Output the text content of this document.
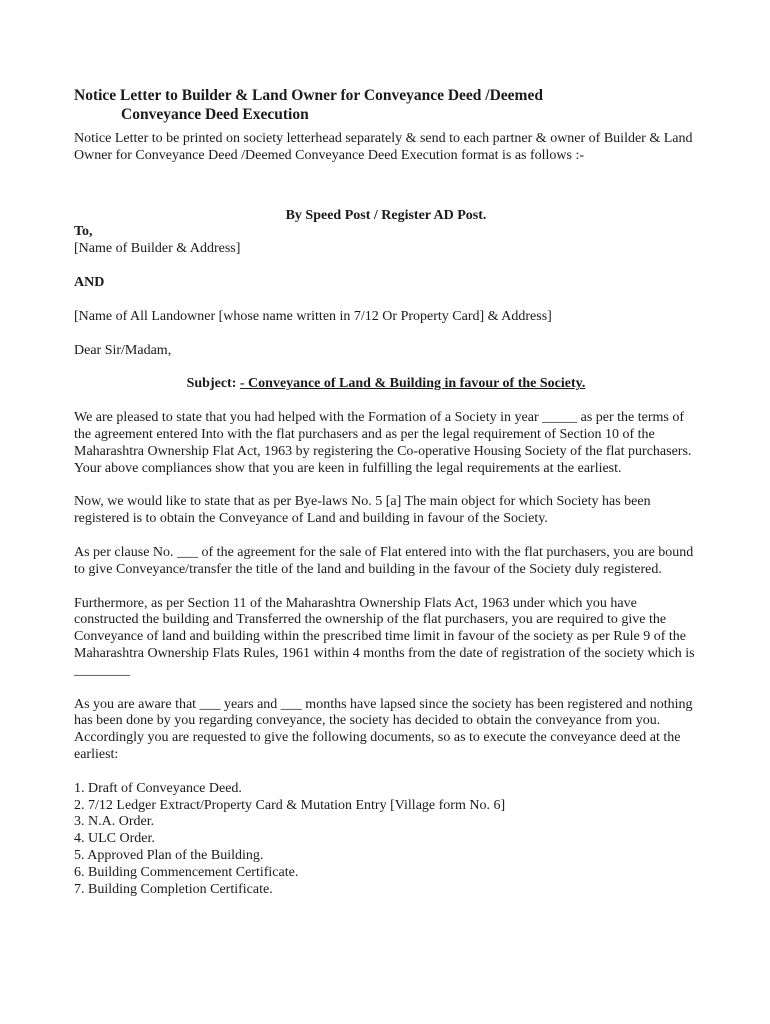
Notice Letter to Builder & Land Owner for Conveyance Deed /Deemed
Conveyance Deed Execution

Notice Letter to be printed on society letterhead separately & send to each partner & owner of Builder & Land Owner for Conveyance Deed /Deemed Conveyance Deed Execution format is as follows :-

By Speed Post / Register AD Post.

To,

[Name of Builder & Address]

AND

[Name of All Landowner [whose name written in 7/12 Or Property Card] & Address]

Dear Sir/Madam,

Subject: - Conveyance of Land & Building in favour of the Society.

We are pleased to state that you had helped with the Formation of a Society in year _____ as per the terms of the agreement entered Into with the flat purchasers and as per the legal requirement of Section 10 of the Maharashtra Ownership Flat Act, 1963 by registering the Co-operative Housing Society of the flat purchasers. Your above compliances show that you are keen in fulfilling the legal requirements at the earliest.

Now, we would like to state that as per Bye-laws No. 5 [a] The main object for which Society has been registered is to obtain the Conveyance of Land and building in favour of the Society.

As per clause No. ___ of the agreement for the sale of Flat entered into with the flat purchasers, you are bound to give Conveyance/transfer the title of the land and building in the favour of the Society duly registered.

Furthermore, as per Section 11 of the Maharashtra Ownership Flats Act, 1963 under which you have constructed the building and Transferred the ownership of the flat purchasers, you are required to give the Conveyance of land and building within the prescribed time limit in favour of the society as per Rule 9 of the Maharashtra Ownership Flats Rules, 1961 within 4 months from the date of registration of the society which is ________

As you are aware that ___ years and ___ months have lapsed since the society has been registered and nothing has been done by you regarding conveyance, the society has decided to obtain the conveyance from you. Accordingly you are requested to give the following documents, so as to execute the conveyance deed at the earliest:

1. Draft of Conveyance Deed.
2. 7/12 Ledger Extract/Property Card & Mutation Entry [Village form No. 6]
3. N.A. Order.
4. ULC Order.
5. Approved Plan of the Building.
6. Building Commencement Certificate.
7. Building Completion Certificate.
